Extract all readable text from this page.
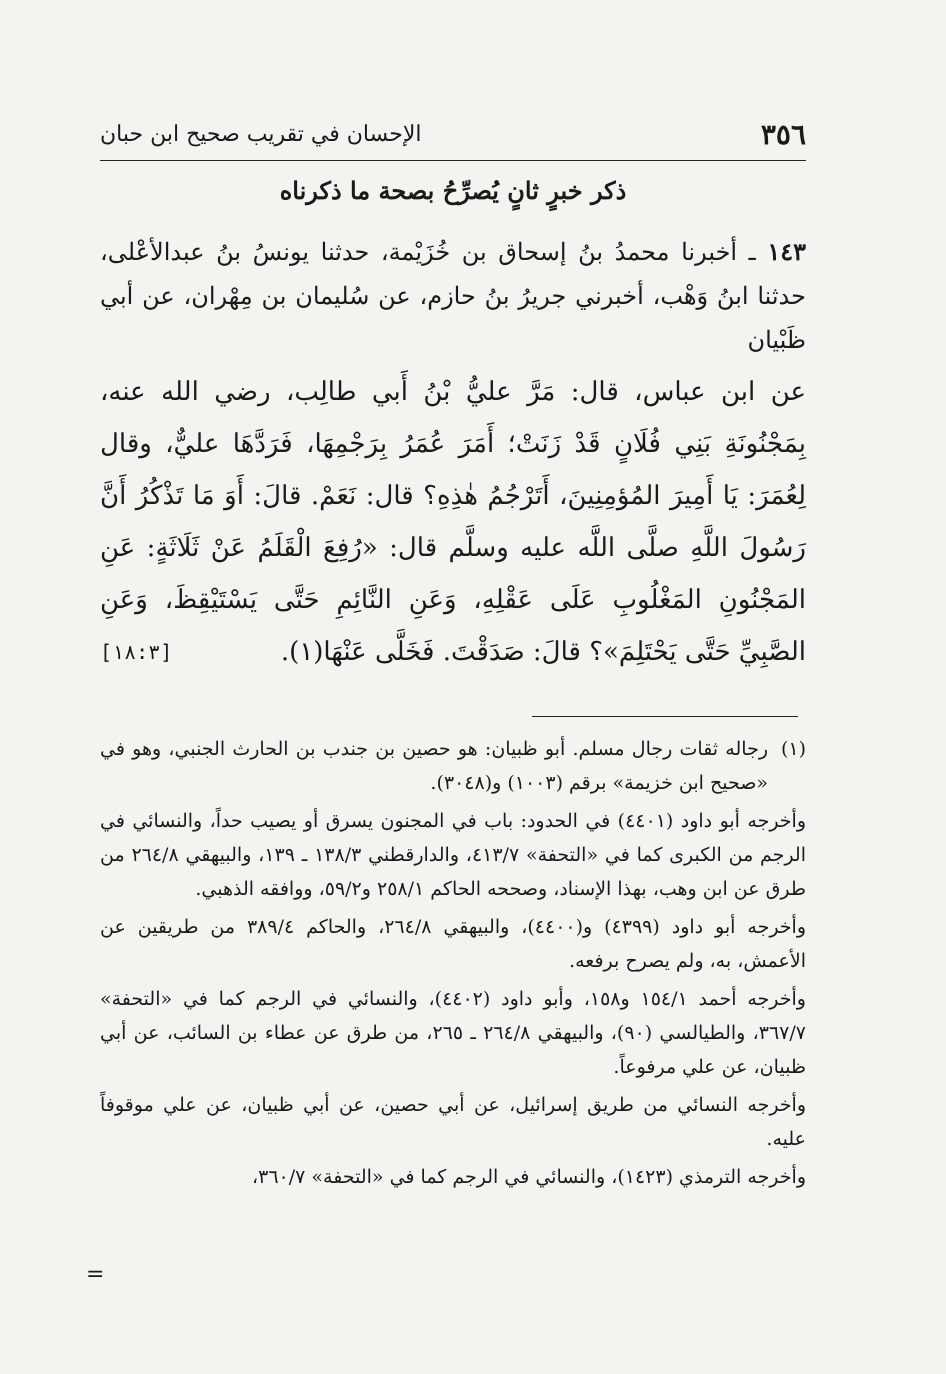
٣٥٦
الإحسان في تقريب صحيح ابن حبان
ذكر خبرٍ ثانٍ يُصرِّحُ بصحة ما ذكرناه
١٤٣ ـ أخبرنا محمدُ بنُ إسحاق بن خُزَيْمة، حدثنا يونسُ بنُ عبدالأعْلى، حدثنا ابنُ وَهْب، أخبرني جريرُ بنُ حازم، عن سُليمان بن مِهْران، عن أبي ظَبْيان
عن ابن عباس، قال: مَرَّ عليُّ بْنُ أَبي طالِب، رضي الله عنه، بِمَجْنُونَةِ بَنِي فُلَانٍ قَدْ زَنَتْ؛ أَمَرَ عُمَرُ بِرَجْمِهَا، فَرَدَّهَا عليٌّ، وقال لِعُمَرَ: يَا أَمِيرَ المُؤمِنِينَ، أَتَرْجُمُ هٰذِهِ؟ قال: نَعَمْ. قالَ: أَوَ مَا تَذْكُرُ أَنَّ رَسُولَ اللَّهِ صلَّى اللَّه عليه وسلَّم قال: «رُفِعَ الْقَلَمُ عَنْ ثَلَاثَةٍ: عَنِ المَجْنُونِ المَغْلُوبِ عَلَى عَقْلِهِ، وَعَنِ النَّائِمِ حَتَّى يَسْتَيْقِظَ، وَعَنِ الصَّبِيِّ حَتَّى يَحْتَلِمَ»؟ قالَ: صَدَقْتَ. فَخَلَّى عَنْهَا(١).
[١٨:٣]

(١)
رجاله ثقات رجال مسلم. أبو ظبيان: هو حصين بن جندب بن الحارث الجنبي، وهو في «صحيح ابن خزيمة» برقم (١٠٠٣) و(٣٠٤٨).

وأخرجه أبو داود (٤٤٠١) في الحدود: باب في المجنون يسرق أو يصيب حداً، والنسائي في الرجم من الكبرى كما في «التحفة» ٤١٣/٧، والدارقطني ١٣٨/٣ ـ ١٣٩، والبيهقي ٢٦٤/٨ من طرق عن ابن وهب، بهذا الإسناد، وصححه الحاكم ٢٥٨/١ و٥٩/٢، ووافقه الذهبي.

وأخرجه أبو داود (٤٣٩٩) و(٤٤٠٠)، والبيهقي ٢٦٤/٨، والحاكم ٣٨٩/٤ من طريقين عن الأعمش، به، ولم يصرح برفعه.

وأخرجه أحمد ١٥٤/١ و١٥٨، وأبو داود (٤٤٠٢)، والنسائي في الرجم كما في «التحفة» ٣٦٧/٧، والطيالسي (٩٠)، والبيهقي ٢٦٤/٨ ـ ٢٦٥، من طرق عن عطاء بن السائب، عن أبي ظبيان، عن علي مرفوعاً.

وأخرجه النسائي من طريق إسرائيل، عن أبي حصين، عن أبي ظبيان، عن علي موقوفاً عليه.

وأخرجه الترمذي (١٤٢٣)، والنسائي في الرجم كما في «التحفة» ٣٦٠/٧،

=
